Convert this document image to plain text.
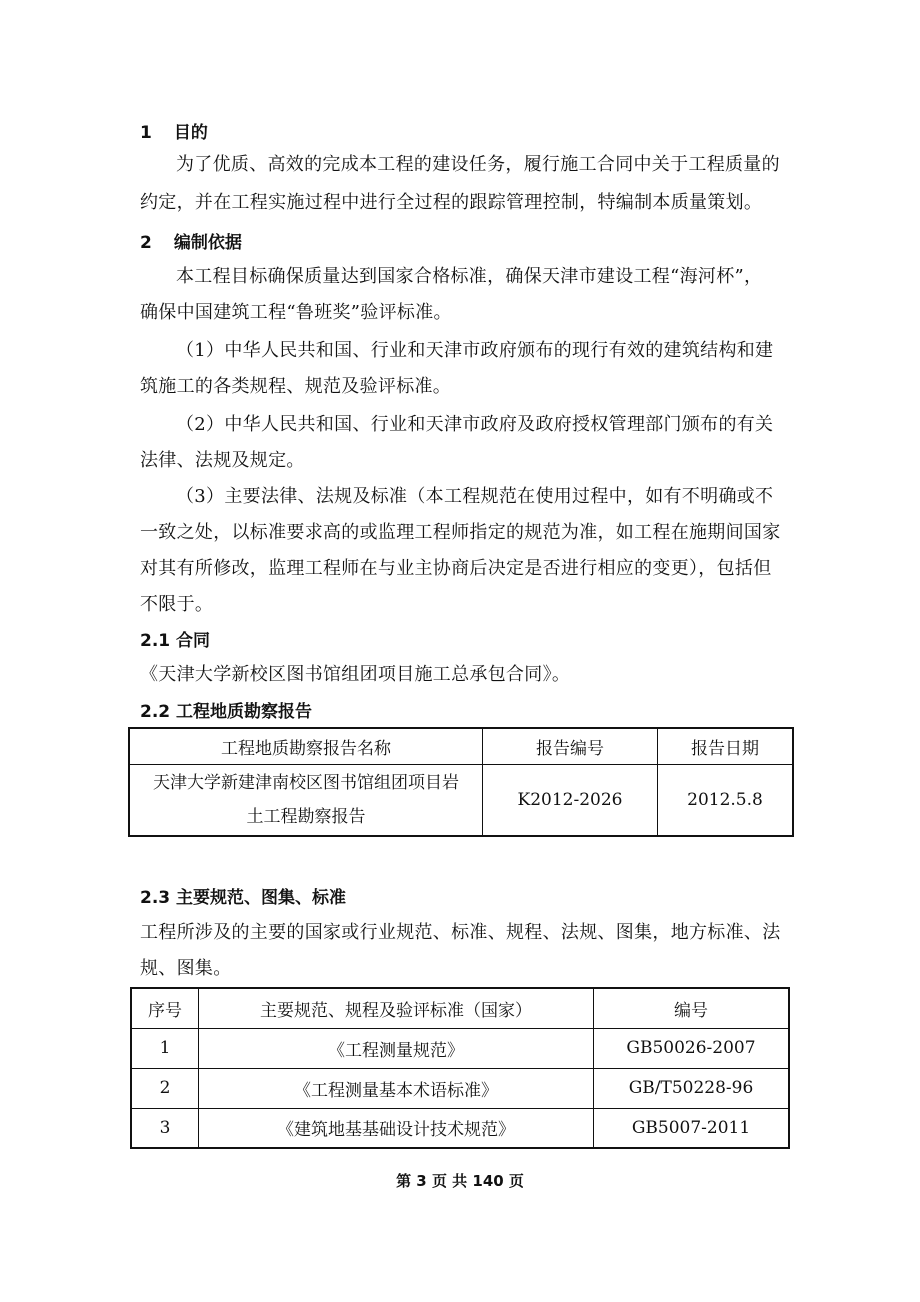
1 目的
为了优质、高效的完成本工程的建设任务，履行施工合同中关于工程质量的
约定，并在工程实施过程中进行全过程的跟踪管理控制，特编制本质量策划。
2 编制依据
本工程目标确保质量达到国家合格标准，确保天津市建设工程“海河杯”，
确保中国建筑工程“鲁班奖”验评标准。
（1）中华人民共和国、行业和天津市政府颁布的现行有效的建筑结构和建
筑施工的各类规程、规范及验评标准。
（2）中华人民共和国、行业和天津市政府及政府授权管理部门颁布的有关
法律、法规及规定。
（3）主要法律、法规及标准（本工程规范在使用过程中，如有不明确或不
一致之处，以标准要求高的或监理工程师指定的规范为准，如工程在施期间国家
对其有所修改，监理工程师在与业主协商后决定是否进行相应的变更），包括但
不限于。
2.1 合同
《天津大学新校区图书馆组团项目施工总承包合同》。
2.2 工程地质勘察报告
工程地质勘察报告名称	报告编号	报告日期

天津大学新建津南校区图书馆组团项目岩
土工程勘察报告	K2012-2026	2012.5.8
2.3 主要规范、图集、标准
工程所涉及的主要的国家或行业规范、标准、规程、法规、图集，地方标准、法
规、图集。
序号	主要规范、规程及验评标准（国家）	编号
1	《工程测量规范》	GB50026-2007
2	《工程测量基本术语标准》	GB/T50228-96
3	《建筑地基基础设计技术规范》	GB5007-2011
第 3 页 共 140 页
